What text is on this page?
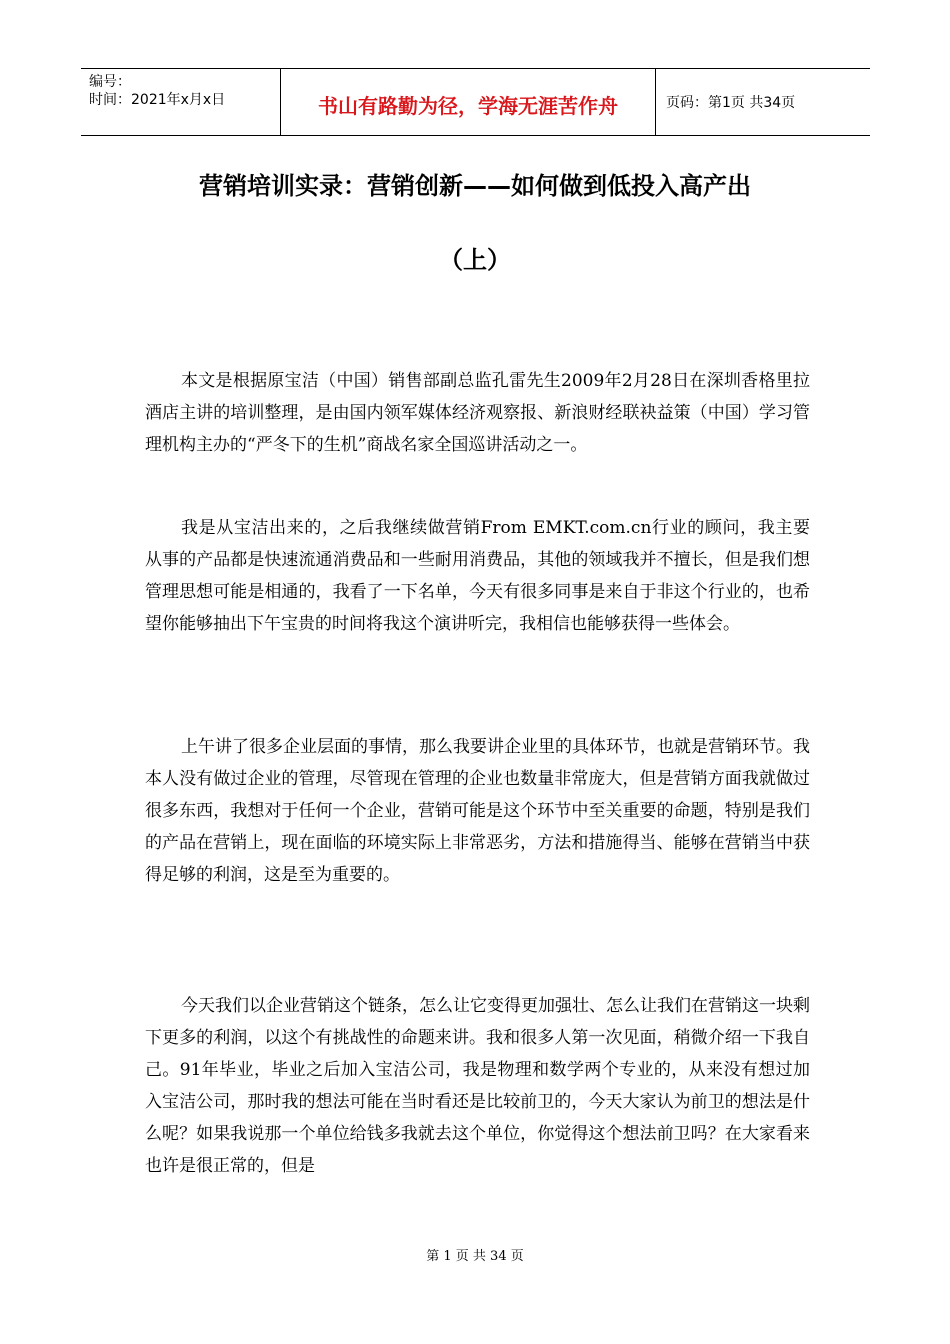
编号：
时间：2021年x月x日	书山有路勤为径，学海无涯苦作舟	页码：第1页 共34页
营销培训实录：营销创新——如何做到低投入高产出
（上）

本文是根据原宝洁（中国）销售部副总监孔雷先生2009年2月28日在深圳香格里拉酒店主讲的培训整理，是由国内领军媒体经济观察报、新浪财经联袂益策（中国）学习管理机构主办的“严冬下的生机”商战名家全国巡讲活动之一。

我是从宝洁出来的，之后我继续做营销From EMKT.com.cn行业的顾问，我主要从事的产品都是快速流通消费品和一些耐用消费品，其他的领域我并不擅长，但是我们想管理思想可能是相通的，我看了一下名单，今天有很多同事是来自于非这个行业的，也希望你能够抽出下午宝贵的时间将我这个演讲听完，我相信也能够获得一些体会。

上午讲了很多企业层面的事情，那么我要讲企业里的具体环节，也就是营销环节。我本人没有做过企业的管理，尽管现在管理的企业也数量非常庞大，但是营销方面我就做过很多东西，我想对于任何一个企业，营销可能是这个环节中至关重要的命题，特别是我们的产品在营销上，现在面临的环境实际上非常恶劣，方法和措施得当、能够在营销当中获得足够的利润，这是至为重要的。

今天我们以企业营销这个链条，怎么让它变得更加强壮、怎么让我们在营销这一块剩下更多的利润，以这个有挑战性的命题来讲。我和很多人第一次见面，稍微介绍一下我自己。91年毕业，毕业之后加入宝洁公司，我是物理和数学两个专业的，从来没有想过加入宝洁公司，那时我的想法可能在当时看还是比较前卫的，今天大家认为前卫的想法是什么呢？如果我说那一个单位给钱多我就去这个单位，你觉得这个想法前卫吗？在大家看来也许是很正常的，但是

第 1 页 共 34 页
